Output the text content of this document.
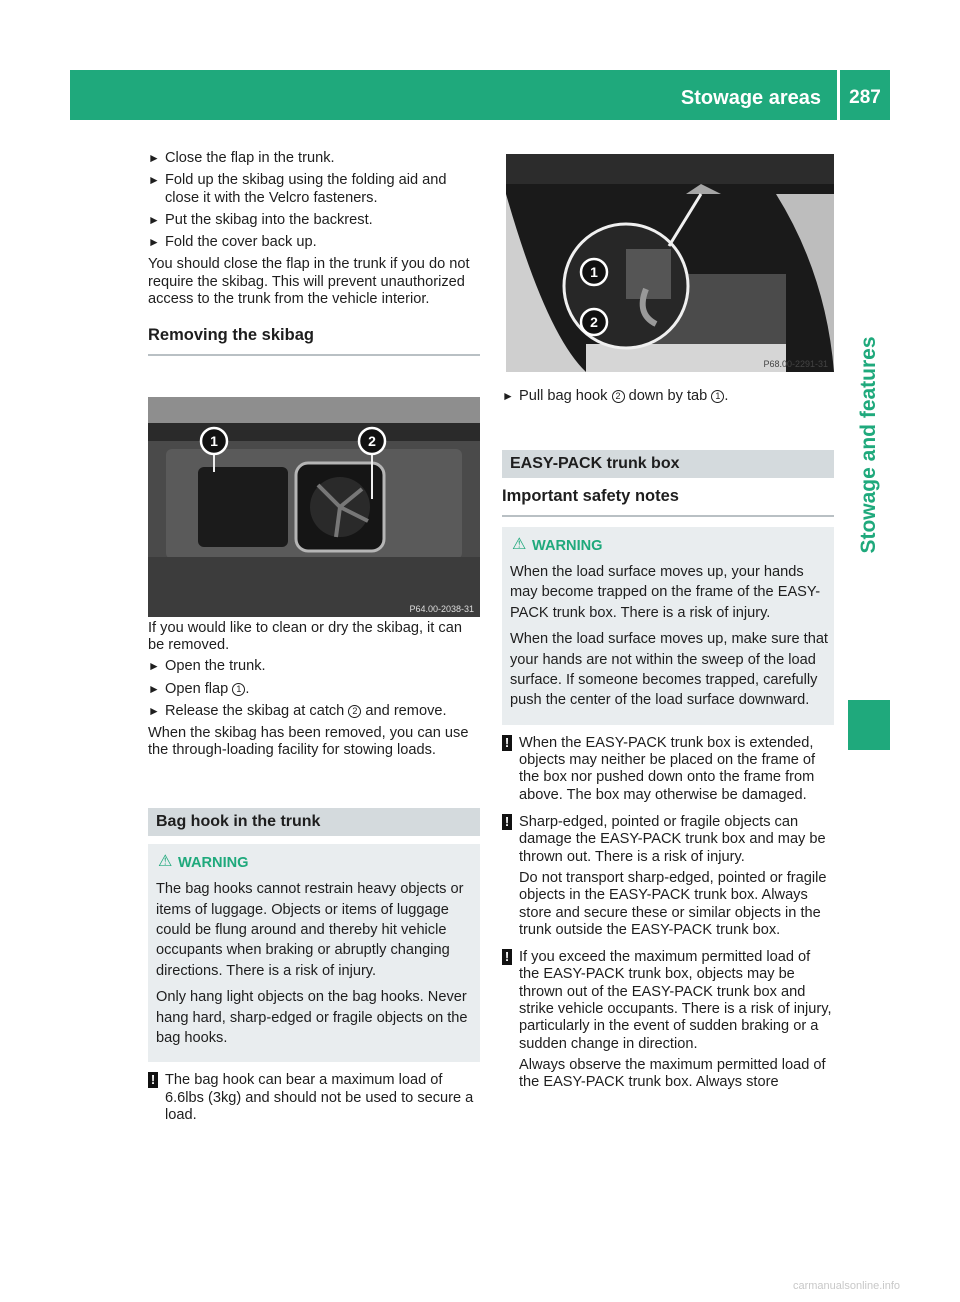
Stowage areas	287
Stowage and features
► Close the flap in the trunk.
► Fold up the skibag using the folding aid and close it with the Velcro fasteners.
► Put the skibag into the backrest.
► Fold the cover back up.
You should close the flap in the trunk if you do not require the skibag. This will prevent unauthorized access to the trunk from the vehicle interior.
Removing the skibag
If you would like to clean or dry the skibag, it can be removed.
► Open the trunk.
► Open flap 1 .
► Release the skibag at catch 2 and remove.
When the skibag has been removed, you can use the through-loading facility for stowing loads.
Bag hook in the trunk
⚠ WARNING
The bag hooks cannot restrain heavy objects or items of luggage. Objects or items of luggage could be flung around and thereby hit vehicle occupants when braking or abruptly changing directions. There is a risk of injury.
Only hang light objects on the bag hooks. Never hang hard, sharp-edged or fragile objects on the bag hooks.
! The bag hook can bear a maximum load of 6.6lbs (3kg) and should not be used to secure a load.
1	2
P64.00-2038-31
1
2
P68.00-2291-31
► Pull bag hook 2 down by tab 1 .
EASY-PACK trunk box
Important safety notes
⚠ WARNING
When the load surface moves up, your hands may become trapped on the frame of the EASY-PACK trunk box. There is a risk of injury.
When the load surface moves up, make sure that your hands are not within the sweep of the load surface. If someone becomes trapped, carefully push the center of the load surface downward.
! When the EASY-PACK trunk box is extended, objects may neither be placed on the frame of the box nor pushed down onto the frame from above. The box may otherwise be damaged.
! Sharp-edged, pointed or fragile objects can damage the EASY-PACK trunk box and may be thrown out. There is a risk of injury.
Do not transport sharp-edged, pointed or fragile objects in the EASY-PACK trunk box. Always store and secure these or similar objects in the trunk outside the EASY-PACK trunk box.
! If you exceed the maximum permitted load of the EASY-PACK trunk box, objects may be thrown out of the EASY-PACK trunk box and strike vehicle occupants. There is a risk of injury, particularly in the event of sudden braking or a sudden change in direction.
Always observe the maximum permitted load of the EASY-PACK trunk box. Always store
carmanualsonline.info
